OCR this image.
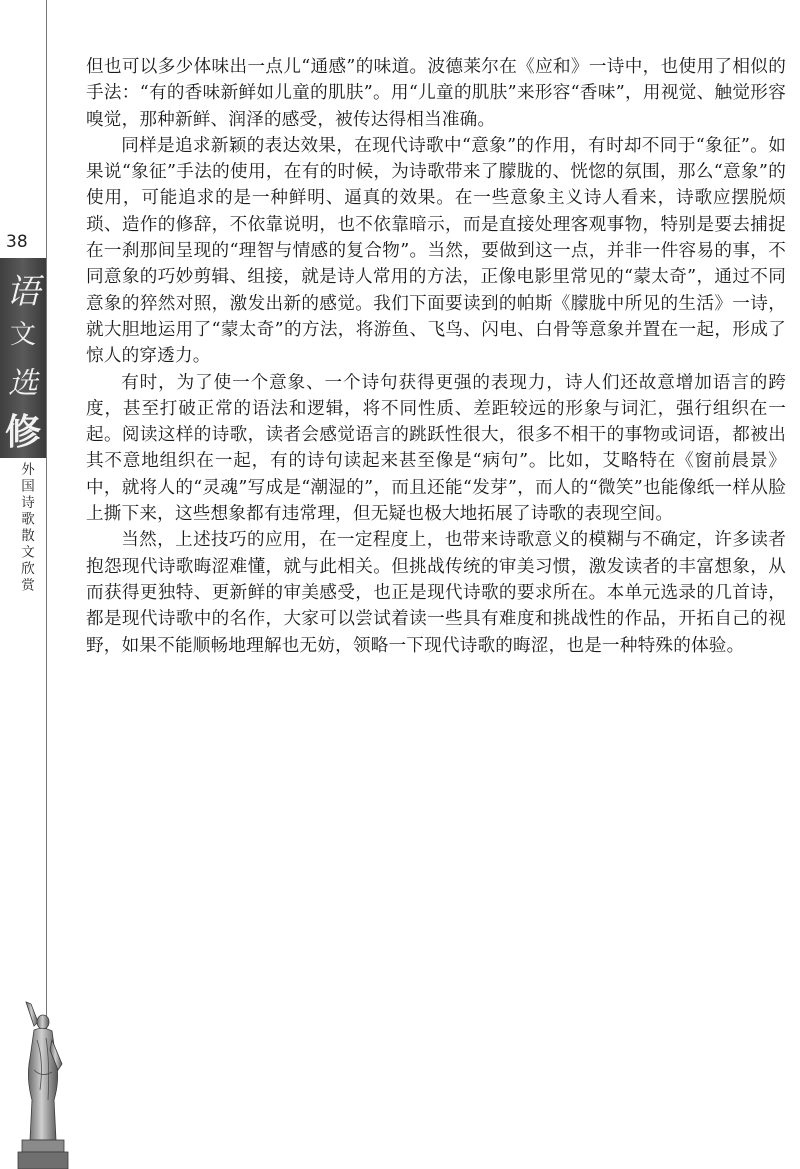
38
语
文
选
修
外国诗歌散文欣赏

但也可以多少体味出一点儿“通感”的味道。波德莱尔在《应和》一诗中，也使用了相似的手法：“有的香味新鲜如儿童的肌肤”。用“儿童的肌肤”来形容“香味”，用视觉、触觉形容嗅觉，那种新鲜、润泽的感受，被传达得相当准确。

同样是追求新颖的表达效果，在现代诗歌中“意象”的作用，有时却不同于“象征”。如果说“象征”手法的使用，在有的时候，为诗歌带来了朦胧的、恍惚的氛围，那么“意象”的使用，可能追求的是一种鲜明、逼真的效果。在一些意象主义诗人看来，诗歌应摆脱烦琐、造作的修辞，不依靠说明，也不依靠暗示，而是直接处理客观事物，特别是要去捕捉在一刹那间呈现的“理智与情感的复合物”。当然，要做到这一点，并非一件容易的事，不同意象的巧妙剪辑、组接，就是诗人常用的方法，正像电影里常见的“蒙太奇”，通过不同意象的猝然对照，激发出新的感觉。我们下面要读到的帕斯《朦胧中所见的生活》一诗，就大胆地运用了“蒙太奇”的方法，将游鱼、飞鸟、闪电、白骨等意象并置在一起，形成了惊人的穿透力。

有时，为了使一个意象、一个诗句获得更强的表现力，诗人们还故意增加语言的跨度，甚至打破正常的语法和逻辑，将不同性质、差距较远的形象与词汇，强行组织在一起。阅读这样的诗歌，读者会感觉语言的跳跃性很大，很多不相干的事物或词语，都被出其不意地组织在一起，有的诗句读起来甚至像是“病句”。比如，艾略特在《窗前晨景》中，就将人的“灵魂”写成是“潮湿的”，而且还能“发芽”，而人的“微笑”也能像纸一样从脸上撕下来，这些想象都有违常理，但无疑也极大地拓展了诗歌的表现空间。

当然，上述技巧的应用，在一定程度上，也带来诗歌意义的模糊与不确定，许多读者抱怨现代诗歌晦涩难懂，就与此相关。但挑战传统的审美习惯，激发读者的丰富想象，从而获得更独特、更新鲜的审美感受，也正是现代诗歌的要求所在。本单元选录的几首诗，都是现代诗歌中的名作，大家可以尝试着读一些具有难度和挑战性的作品，开拓自己的视野，如果不能顺畅地理解也无妨，领略一下现代诗歌的晦涩，也是一种特殊的体验。
